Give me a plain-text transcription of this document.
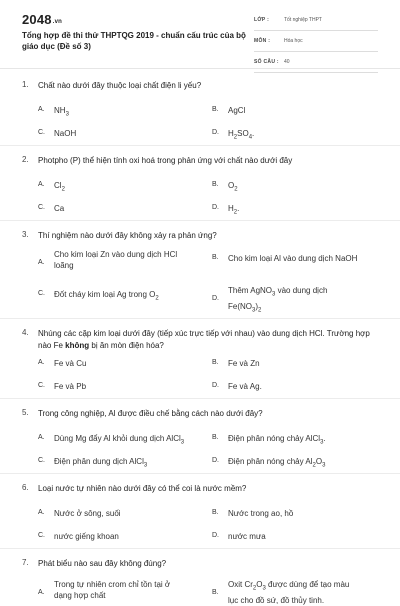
2048.vn
Tổng hợp đề thi thử THPTQG 2019 - chuẩn cấu trúc của bộ giáo dục (Đề số 3)
LỚP :	Tốt nghiệp THPT
MÔN :	Hóa học
SỐ CÂU : 40
1. Chất nào dưới đây thuộc loại chất điện li yếu?
A. $NH_3$
B. AgCl
C. NaOH	D. $H_2SO_4$.
2. Photpho (P) thể hiện tính oxi hoá trong phản ứng với chất nào dưới đây
A. $Cl_2$
B. $O_2$
C. Ca	D. $H_2$.
3. Thí nghiệm nào dưới đây không xảy ra phản ứng?
A.
Cho kim loại Zn vào dung dịch HCl
loãng
B. Cho kim loại Al vào dung dịch NaOH
C. Đốt cháy kim loại Ag trong $O_2$	D.
Thêm AgNO$_3$ vào dung dịch
$Fe(NO_3)_2$
4. Nhúng các cặp kim loại dưới đây (tiếp xúc trực tiếp với nhau) vào dung dịch HCl. Trường hợp nào Fe không bị ăn mòn điện hóa?
A. Fe và Cu	B. Fe và Zn
C. Fe và Pb	D. Fe và Ag.
5. Trong công nghiệp, Al được điều chế bằng cách nào dưới đây?
A. Dùng Mg đẩy Al khỏi dung dịch AlCl$_3$
B. Điện phân nóng chảy AlCl$_3$.
C. Điện phân dung dịch AlCl$_3$
D. Điện phân nóng chảy $Al_2O_3$
6. Loại nước tự nhiên nào dưới đây có thể coi là nước mềm?
A. Nước ở sông, suối	B. Nước trong ao, hồ
C. nước giếng khoan	D. nước mưa
7. Phát biểu nào sau đây không đúng?
A.
Trong tự nhiên crom chỉ tồn tại ở
dạng hợp chất	B.
Oxit $Cr_2O_3$ được dùng để tạo màu
lục cho đồ sứ, đồ thủy tinh.
